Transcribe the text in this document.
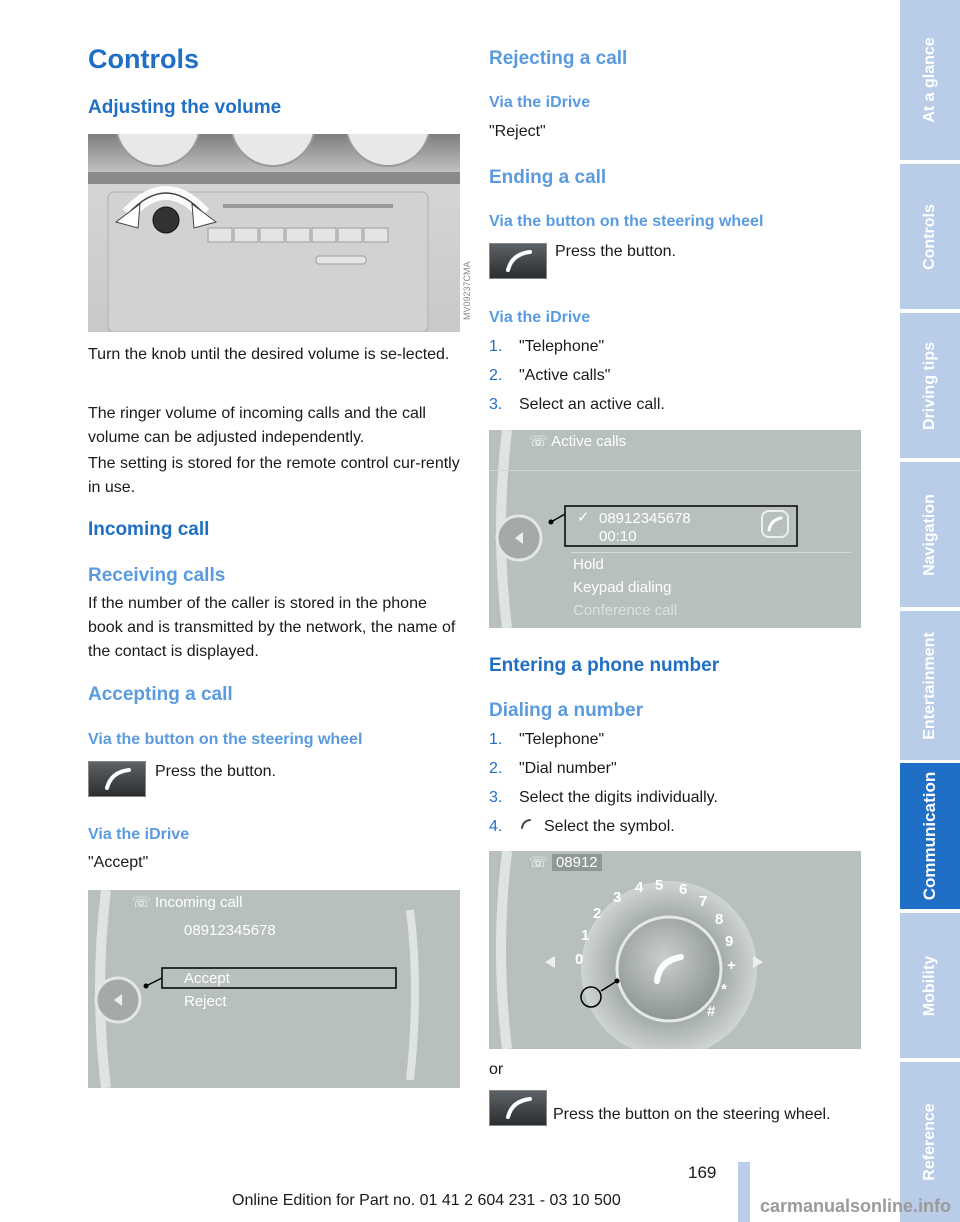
Controls
Adjusting the volume
MV09237CMA
Turn the knob until the desired volume is se-lected.
The ringer volume of incoming calls and the call volume can be adjusted independently.
The setting is stored for the remote control cur-rently in use.
Incoming call
Receiving calls
If the number of the caller is stored in the phone book and is transmitted by the network, the name of the contact is displayed.
Accepting a call
Via the button on the steering wheel
Press the button.
Via the iDrive
"Accept"
☏ Incoming call
08912345678
Accept
Reject
Rejecting a call
Via the iDrive
"Reject"
Ending a call
Via the button on the steering wheel
Press the button.
Via the iDrive
1. "Telephone"
2. "Active calls"
3. Select an active call.
☏ Active calls
✓ 08912345678
00:10
Hold
Keypad dialing
Conference call
Entering a phone number
Dialing a number
1. "Telephone"
2. "Dial number"
3. Select the digits individually.
4.	Select the symbol.
☏ 08912
0
1
2
3
4 5 6
7
8
9
+
*
#
or
Press the button on the steering wheel.
At a glance
Controls
Driving tips
Navigation
Entertainment
Communication
Mobility
Reference
169
Online Edition for Part no. 01 41 2 604 231 - 03 10 500	carmanualsonline.info
